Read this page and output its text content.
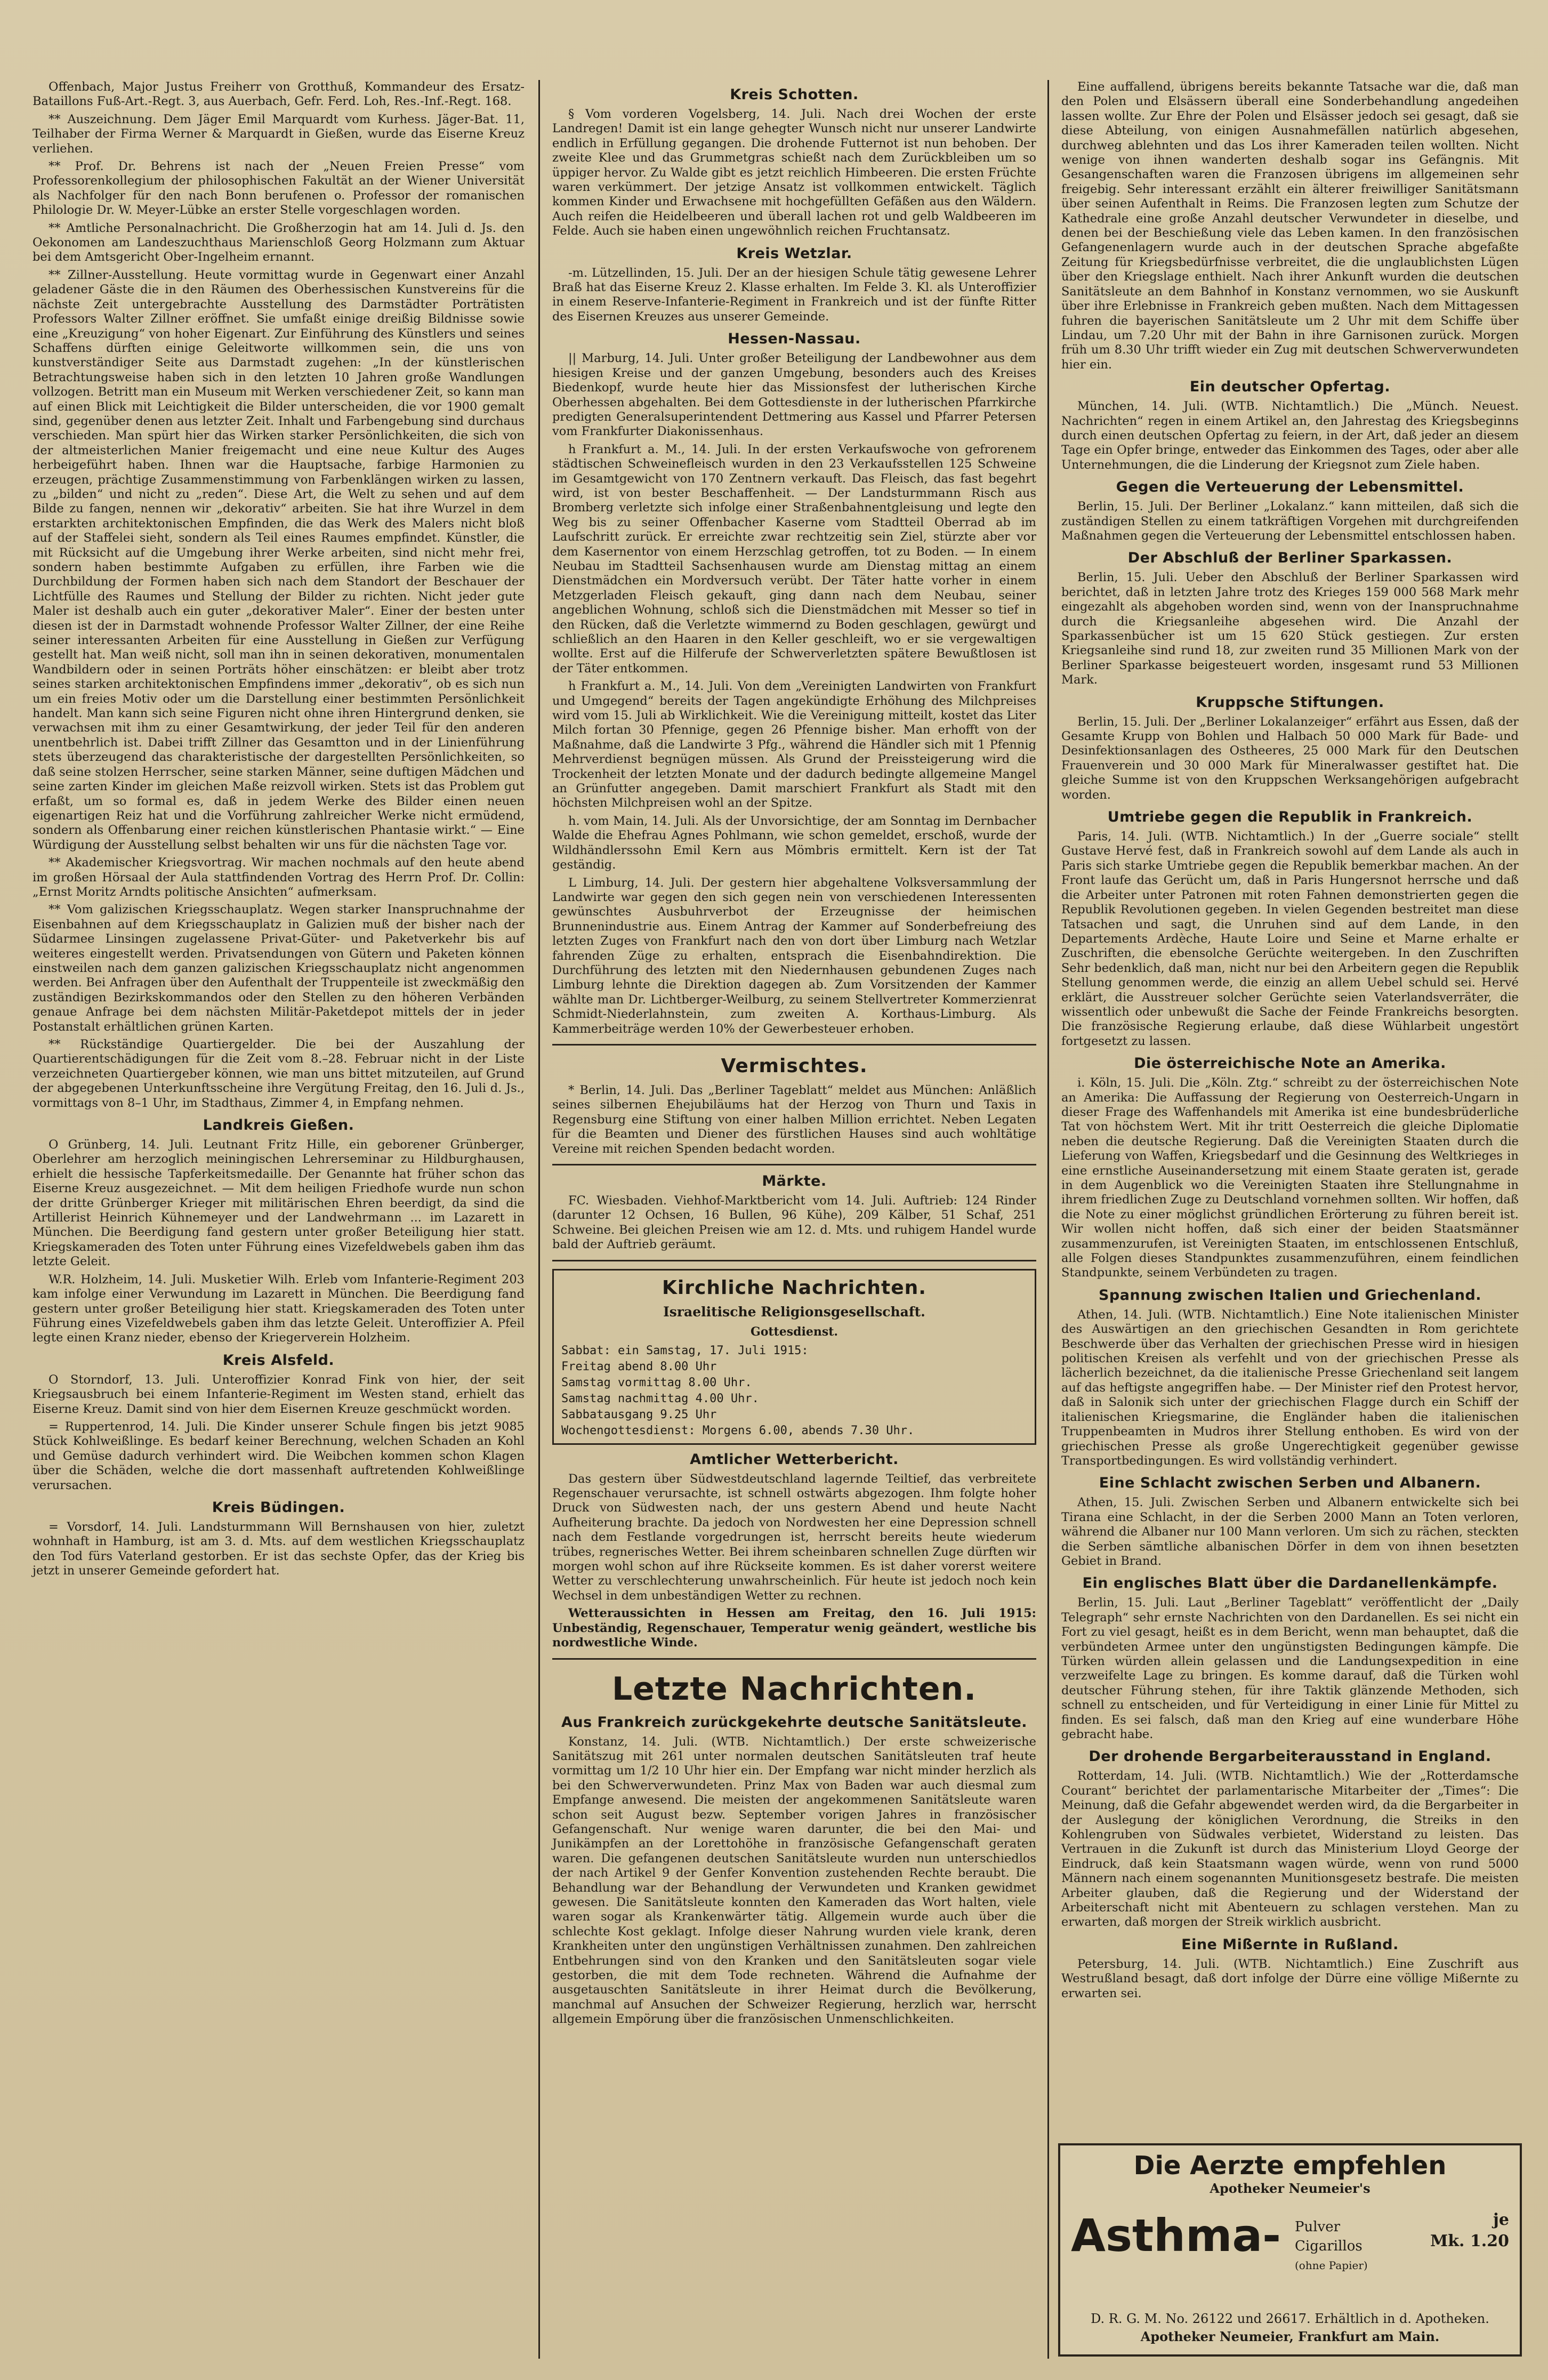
Offenbach, Major Justus Freiherr von Grotthuß, Kommandeur des Ersatz-Bataillons Fuß-Art.-Regt. 3, aus Auerbach, Gefr. Ferd. Loh, Res.-Inf.-Regt. 168.

** Auszeichnung. Dem Jäger Emil Marquardt vom Kurhess. Jäger-Bat. 11, Teilhaber der Firma Werner & Marquardt in Gießen, wurde das Eiserne Kreuz verliehen.

** Prof. Dr. Behrens ist nach der „Neuen Freien Presse“ vom Professorenkollegium der philosophischen Fakultät an der Wiener Universität als Nachfolger für den nach Bonn berufenen o. Professor der romanischen Philologie Dr. W. Meyer-Lübke an erster Stelle vorgeschlagen worden.

** Amtliche Personalnachricht. Die Großherzogin hat am 14. Juli d. Js. den Oekonomen am Landeszuchthaus Marienschloß Georg Holzmann zum Aktuar bei dem Amtsgericht Ober-Ingelheim ernannt.

** Zillner-Ausstellung. Heute vormittag wurde in Gegenwart einer Anzahl geladener Gäste die in den Räumen des Oberhessischen Kunstvereins für die nächste Zeit untergebrachte Ausstellung des Darmstädter Porträtisten Professors Walter Zillner eröffnet. Sie umfaßt einige dreißig Bildnisse sowie eine „Kreuzigung“ von hoher Eigenart. Zur Einführung des Künstlers und seines Schaffens dürften einige Geleitworte willkommen sein, die uns von kunstverständiger Seite aus Darmstadt zugehen: „In der künstlerischen Betrachtungsweise haben sich in den letzten 10 Jahren große Wandlungen vollzogen. Betritt man ein Museum mit Werken verschiedener Zeit, so kann man auf einen Blick mit Leichtigkeit die Bilder unterscheiden, die vor 1900 gemalt sind, gegenüber denen aus letzter Zeit. Inhalt und Farbengebung sind durchaus verschieden. Man spürt hier das Wirken starker Persönlichkeiten, die sich von der altmeisterlichen Manier freigemacht und eine neue Kultur des Auges herbeigeführt haben. Ihnen war die Hauptsache, farbige Harmonien zu erzeugen, prächtige Zusammenstimmung von Farbenklängen wirken zu lassen, zu „bilden“ und nicht zu „reden“. Diese Art, die Welt zu sehen und auf dem Bilde zu fangen, nennen wir „dekorativ“ arbeiten. Sie hat ihre Wurzel in dem erstarkten architektonischen Empfinden, die das Werk des Malers nicht bloß auf der Staffelei sieht, sondern als Teil eines Raumes empfindet. Künstler, die mit Rücksicht auf die Umgebung ihrer Werke arbeiten, sind nicht mehr frei, sondern haben bestimmte Aufgaben zu erfüllen, ihre Farben wie die Durchbildung der Formen haben sich nach dem Standort der Beschauer der Lichtfülle des Raumes und Stellung der Bilder zu richten. Nicht jeder gute Maler ist deshalb auch ein guter „dekorativer Maler“. Einer der besten unter diesen ist der in Darmstadt wohnende Professor Walter Zillner, der eine Reihe seiner interessanten Arbeiten für eine Ausstellung in Gießen zur Verfügung gestellt hat. Man weiß nicht, soll man ihn in seinen dekorativen, monumentalen Wandbildern oder in seinen Porträts höher einschätzen: er bleibt aber trotz seines starken architektonischen Empfindens immer „dekorativ“, ob es sich nun um ein freies Motiv oder um die Darstellung einer bestimmten Persönlichkeit handelt. Man kann sich seine Figuren nicht ohne ihren Hintergrund denken, sie verwachsen mit ihm zu einer Gesamtwirkung, der jeder Teil für den anderen unentbehrlich ist. Dabei trifft Zillner das Gesamtton und in der Linienführung stets überzeugend das charakteristische der dargestellten Persönlichkeiten, so daß seine stolzen Herrscher, seine starken Männer, seine duftigen Mädchen und seine zarten Kinder im gleichen Maße reizvoll wirken. Stets ist das Problem gut erfaßt, um so formal es, daß in jedem Werke des Bilder einen neuen eigenartigen Reiz hat und die Vorführung zahlreicher Werke nicht ermüdend, sondern als Offenbarung einer reichen künstlerischen Phantasie wirkt.“ — Eine Würdigung der Ausstellung selbst behalten wir uns für die nächsten Tage vor.

** Akademischer Kriegsvortrag. Wir machen nochmals auf den heute abend im großen Hörsaal der Aula stattfindenden Vortrag des Herrn Prof. Dr. Collin: „Ernst Moritz Arndts politische Ansichten“ aufmerksam.

** Vom galizischen Kriegsschauplatz. Wegen starker Inanspruchnahme der Eisenbahnen auf dem Kriegsschauplatz in Galizien muß der bisher nach der Südarmee Linsingen zugelassene Privat-Güter- und Paketverkehr bis auf weiteres eingestellt werden. Privatsendungen von Gütern und Paketen können einstweilen nach dem ganzen galizischen Kriegsschauplatz nicht angenommen werden. Bei Anfragen über den Aufenthalt der Truppenteile ist zweckmäßig den zuständigen Bezirkskommandos oder den Stellen zu den höheren Verbänden genaue Anfrage bei dem nächsten Militär-Paketdepot mittels der in jeder Postanstalt erhältlichen grünen Karten.

** Rückständige Quartiergelder. Die bei der Auszahlung der Quartierentschädigungen für die Zeit vom 8.–28. Februar nicht in der Liste verzeichneten Quartiergeber können, wie man uns bittet mitzuteilen, auf Grund der abgegebenen Unterkunftsscheine ihre Vergütung Freitag, den 16. Juli d. Js., vormittags von 8–1 Uhr, im Stadthaus, Zimmer 4, in Empfang nehmen.

Landkreis Gießen.

O Grünberg, 14. Juli. Leutnant Fritz Hille, ein geborener Grünberger, Oberlehrer am herzoglich meiningischen Lehrerseminar zu Hildburghausen, erhielt die hessische Tapferkeitsmedaille. Der Genannte hat früher schon das Eiserne Kreuz ausgezeichnet. — Mit dem heiligen Friedhofe wurde nun schon der dritte Grünberger Krieger mit militärischen Ehren beerdigt, da sind die Artillerist Heinrich Kühnemeyer und der Landwehrmann ... im Lazarett in München. Die Beerdigung fand gestern unter großer Beteiligung hier statt. Kriegskameraden des Toten unter Führung eines Vizefeldwebels gaben ihm das letzte Geleit.

W.R. Holzheim, 14. Juli. Musketier Wilh. Erleb vom Infanterie-Regiment 203 kam infolge einer Verwundung im Lazarett in München. Die Beerdigung fand gestern unter großer Beteiligung hier statt. Kriegskameraden des Toten unter Führung eines Vizefeldwebels gaben ihm das letzte Geleit. Unteroffizier A. Pfeil legte einen Kranz nieder, ebenso der Kriegerverein Holzheim.

Kreis Alsfeld.

O Storndorf, 13. Juli. Unteroffizier Konrad Fink von hier, der seit Kriegsausbruch bei einem Infanterie-Regiment im Westen stand, erhielt das Eiserne Kreuz. Damit sind von hier dem Eisernen Kreuze geschmückt worden.

= Ruppertenrod, 14. Juli. Die Kinder unserer Schule fingen bis jetzt 9085 Stück Kohlweißlinge. Es bedarf keiner Berechnung, welchen Schaden an Kohl und Gemüse dadurch verhindert wird. Die Weibchen kommen schon Klagen über die Schäden, welche die dort massenhaft auftretenden Kohlweißlinge verursachen.

Kreis Büdingen.

= Vorsdorf, 14. Juli. Landsturmmann Will Bernshausen von hier, zuletzt wohnhaft in Hamburg, ist am 3. d. Mts. auf dem westlichen Kriegsschauplatz den Tod fürs Vaterland gestorben. Er ist das sechste Opfer, das der Krieg bis jetzt in unserer Gemeinde gefordert hat.

Kreis Schotten.

§ Vom vorderen Vogelsberg, 14. Juli. Nach drei Wochen der erste Landregen! Damit ist ein lange gehegter Wunsch nicht nur unserer Landwirte endlich in Erfüllung gegangen. Die drohende Futternot ist nun behoben. Der zweite Klee und das Grummetgras schießt nach dem Zurückbleiben um so üppiger hervor. Zu Walde gibt es jetzt reichlich Himbeeren. Die ersten Früchte waren verkümmert. Der jetzige Ansatz ist vollkommen entwickelt. Täglich kommen Kinder und Erwachsene mit hochgefüllten Gefäßen aus den Wäldern. Auch reifen die Heidelbeeren und überall lachen rot und gelb Waldbeeren im Felde. Auch sie haben einen ungewöhnlich reichen Fruchtansatz.

Kreis Wetzlar.

-m. Lützellinden, 15. Juli. Der an der hiesigen Schule tätig gewesene Lehrer Braß hat das Eiserne Kreuz 2. Klasse erhalten. Im Felde 3. Kl. als Unteroffizier in einem Reserve-Infanterie-Regiment in Frankreich und ist der fünfte Ritter des Eisernen Kreuzes aus unserer Gemeinde.

Hessen-Nassau.

|| Marburg, 14. Juli. Unter großer Beteiligung der Landbewohner aus dem hiesigen Kreise und der ganzen Umgebung, besonders auch des Kreises Biedenkopf, wurde heute hier das Missionsfest der lutherischen Kirche Oberhessen abgehalten. Bei dem Gottesdienste in der lutherischen Pfarrkirche predigten Generalsuperintendent Dettmering aus Kassel und Pfarrer Petersen vom Frankfurter Diakonissenhaus.

h Frankfurt a. M., 14. Juli. In der ersten Verkaufswoche von gefrorenem städtischen Schweinefleisch wurden in den 23 Verkaufsstellen 125 Schweine im Gesamtgewicht von 170 Zentnern verkauft. Das Fleisch, das fast begehrt wird, ist von bester Beschaffenheit. — Der Landsturmmann Risch aus Bromberg verletzte sich infolge einer Straßenbahnentgleisung und legte den Weg bis zu seiner Offenbacher Kaserne vom Stadtteil Oberrad ab im Laufschritt zurück. Er erreichte zwar rechtzeitig sein Ziel, stürzte aber vor dem Kasernentor von einem Herzschlag getroffen, tot zu Boden. — In einem Neubau im Stadtteil Sachsenhausen wurde am Dienstag mittag an einem Dienstmädchen ein Mordversuch verübt. Der Täter hatte vorher in einem Metzgerladen Fleisch gekauft, ging dann nach dem Neubau, seiner angeblichen Wohnung, schloß sich die Dienstmädchen mit Messer so tief in den Rücken, daß die Verletzte wimmernd zu Boden geschlagen, gewürgt und schließlich an den Haaren in den Keller geschleift, wo er sie vergewaltigen wollte. Erst auf die Hilferufe der Schwerverletzten spätere Bewußtlosen ist der Täter entkommen.

h Frankfurt a. M., 14. Juli. Von dem „Vereinigten Landwirten von Frankfurt und Umgegend“ bereits der Tagen angekündigte Erhöhung des Milchpreises wird vom 15. Juli ab Wirklichkeit. Wie die Vereinigung mitteilt, kostet das Liter Milch fortan 30 Pfennige, gegen 26 Pfennige bisher. Man erhofft von der Maßnahme, daß die Landwirte 3 Pfg., während die Händler sich mit 1 Pfennig Mehrverdienst begnügen müssen. Als Grund der Preissteigerung wird die Trockenheit der letzten Monate und der dadurch bedingte allgemeine Mangel an Grünfutter angegeben. Damit marschiert Frankfurt als Stadt mit den höchsten Milchpreisen wohl an der Spitze.

h. vom Main, 14. Juli. Als der Unvorsichtige, der am Sonntag im Dernbacher Walde die Ehefrau Agnes Pohlmann, wie schon gemeldet, erschoß, wurde der Wildhändlerssohn Emil Kern aus Mömbris ermittelt. Kern ist der Tat geständig.

L Limburg, 14. Juli. Der gestern hier abgehaltene Volksversammlung der Landwirte war gegen den sich gegen nein von verschiedenen Interessenten gewünschtes Ausbuhrverbot der Erzeugnisse der heimischen Brunnenindustrie aus. Einem Antrag der Kammer auf Sonderbefreiung des letzten Zuges von Frankfurt nach den von dort über Limburg nach Wetzlar fahrenden Züge zu erhalten, entsprach die Eisenbahndirektion. Die Durchführung des letzten mit den Niedernhausen gebundenen Zuges nach Limburg lehnte die Direktion dagegen ab. Zum Vorsitzenden der Kammer wählte man Dr. Lichtberger-Weilburg, zu seinem Stellvertreter Kommerzienrat Schmidt-Niederlahnstein, zum zweiten A. Korthaus-Limburg. Als Kammerbeiträge werden 10% der Gewerbesteuer erhoben.

Vermischtes.

* Berlin, 14. Juli. Das „Berliner Tageblatt“ meldet aus München: Anläßlich seines silbernen Ehejubiläums hat der Herzog von Thurn und Taxis in Regensburg eine Stiftung von einer halben Million errichtet. Neben Legaten für die Beamten und Diener des fürstlichen Hauses sind auch wohltätige Vereine mit reichen Spenden bedacht worden.

Märkte.

FC. Wiesbaden. Viehhof-Marktbericht vom 14. Juli. Auftrieb: 124 Rinder (darunter 12 Ochsen, 16 Bullen, 96 Kühe), 209 Kälber, 51 Schaf, 251 Schweine. Bei gleichen Preisen wie am 12. d. Mts. und ruhigem Handel wurde bald der Auftrieb geräumt.

Kirchliche Nachrichten.
Israelitische Religionsgesellschaft.
Gottesdienst.
Sabbat: ein Samstag, 17. Juli 1915:
Freitag abend 8.00 Uhr
Samstag vormittag 8.00 Uhr.
Samstag nachmittag 4.00 Uhr.
Sabbatausgang 9.25 Uhr
Wochengottesdienst: Morgens 6.00, abends 7.30 Uhr.
Amtlicher Wetterbericht.

Das gestern über Südwestdeutschland lagernde Teiltief, das verbreitete Regenschauer verursachte, ist schnell ostwärts abgezogen. Ihm folgte hoher Druck von Südwesten nach, der uns gestern Abend und heute Nacht Aufheiterung brachte. Da jedoch von Nordwesten her eine Depression schnell nach dem Festlande vorgedrungen ist, herrscht bereits heute wiederum trübes, regnerisches Wetter. Bei ihrem scheinbaren schnellen Zuge dürften wir morgen wohl schon auf ihre Rückseite kommen. Es ist daher vorerst weitere Wetter zu verschlechterung unwahrscheinlich. Für heute ist jedoch noch kein Wechsel in dem unbeständigen Wetter zu rechnen.

Wetteraussichten in Hessen am Freitag, den 16. Juli 1915: Unbeständig, Regenschauer, Temperatur wenig geändert, westliche bis nordwestliche Winde.

Letzte Nachrichten.
Aus Frankreich zurückgekehrte deutsche Sanitätsleute.

Konstanz, 14. Juli. (WTB. Nichtamtlich.) Der erste schweizerische Sanitätszug mit 261 unter normalen deutschen Sanitätsleuten traf heute vormittag um 1/2 10 Uhr hier ein. Der Empfang war nicht minder herzlich als bei den Schwerverwundeten. Prinz Max von Baden war auch diesmal zum Empfange anwesend. Die meisten der angekommenen Sanitätsleute waren schon seit August bezw. September vorigen Jahres in französischer Gefangenschaft. Nur wenige waren darunter, die bei den Mai- und Junikämpfen an der Lorettohöhe in französische Gefangenschaft geraten waren. Die gefangenen deutschen Sanitätsleute wurden nun unterschiedlos der nach Artikel 9 der Genfer Konvention zustehenden Rechte beraubt. Die Behandlung war der Behandlung der Verwundeten und Kranken gewidmet gewesen. Die Sanitätsleute konnten den Kameraden das Wort halten, viele waren sogar als Krankenwärter tätig. Allgemein wurde auch über die schlechte Kost geklagt. Infolge dieser Nahrung wurden viele krank, deren Krankheiten unter den ungünstigen Verhältnissen zunahmen. Den zahlreichen Entbehrungen sind von den Kranken und den Sanitätsleuten sogar viele gestorben, die mit dem Tode rechneten. Während die Aufnahme der ausgetauschten Sanitätsleute in ihrer Heimat durch die Bevölkerung, manchmal auf Ansuchen der Schweizer Regierung, herzlich war, herrscht allgemein Empörung über die französischen Unmenschlichkeiten.

Eine auffallend, übrigens bereits bekannte Tatsache war die, daß man den Polen und Elsässern überall eine Sonderbehandlung angedeihen lassen wollte. Zur Ehre der Polen und Elsässer jedoch sei gesagt, daß sie diese Abteilung, von einigen Ausnahmefällen natürlich abgesehen, durchweg ablehnten und das Los ihrer Kameraden teilen wollten. Nicht wenige von ihnen wanderten deshalb sogar ins Gefängnis. Mit Gesangenschaften waren die Franzosen übrigens im allgemeinen sehr freigebig. Sehr interessant erzählt ein älterer freiwilliger Sanitätsmann über seinen Aufenthalt in Reims. Die Franzosen legten zum Schutze der Kathedrale eine große Anzahl deutscher Verwundeter in dieselbe, und denen bei der Beschießung viele das Leben kamen. In den französischen Gefangenenlagern wurde auch in der deutschen Sprache abgefaßte Zeitung für Kriegsbedürfnisse verbreitet, die die unglaublichsten Lügen über den Kriegslage enthielt. Nach ihrer Ankunft wurden die deutschen Sanitätsleute an dem Bahnhof in Konstanz vernommen, wo sie Auskunft über ihre Erlebnisse in Frankreich geben mußten. Nach dem Mittagessen fuhren die bayerischen Sanitätsleute um 2 Uhr mit dem Schiffe über Lindau, um 7.20 Uhr mit der Bahn in ihre Garnisonen zurück. Morgen früh um 8.30 Uhr trifft wieder ein Zug mit deutschen Schwerverwundeten hier ein.

Ein deutscher Opfertag.

München, 14. Juli. (WTB. Nichtamtlich.) Die „Münch. Neuest. Nachrichten“ regen in einem Artikel an, den Jahrestag des Kriegsbeginns durch einen deutschen Opfertag zu feiern, in der Art, daß jeder an diesem Tage ein Opfer bringe, entweder das Einkommen des Tages, oder aber alle Unternehmungen, die die Linderung der Kriegsnot zum Ziele haben.

Gegen die Verteuerung der Lebensmittel.

Berlin, 15. Juli. Der Berliner „Lokalanz.“ kann mitteilen, daß sich die zuständigen Stellen zu einem tatkräftigen Vorgehen mit durchgreifenden Maßnahmen gegen die Verteuerung der Lebensmittel entschlossen haben.

Der Abschluß der Berliner Sparkassen.

Berlin, 15. Juli. Ueber den Abschluß der Berliner Sparkassen wird berichtet, daß in letzten Jahre trotz des Krieges 159 000 568 Mark mehr eingezahlt als abgehoben worden sind, wenn von der Inanspruchnahme durch die Kriegsanleihe abgesehen wird. Die Anzahl der Sparkassenbücher ist um 15 620 Stück gestiegen. Zur ersten Kriegsanleihe sind rund 18, zur zweiten rund 35 Millionen Mark von der Berliner Sparkasse beigesteuert worden, insgesamt rund 53 Millionen Mark.

Kruppsche Stiftungen.

Berlin, 15. Juli. Der „Berliner Lokalanzeiger“ erfährt aus Essen, daß der Gesamte Krupp von Bohlen und Halbach 50 000 Mark für Bade- und Desinfektionsanlagen des Ostheeres, 25 000 Mark für den Deutschen Frauenverein und 30 000 Mark für Mineralwasser gestiftet hat. Die gleiche Summe ist von den Kruppschen Werksangehörigen aufgebracht worden.

Umtriebe gegen die Republik in Frankreich.

Paris, 14. Juli. (WTB. Nichtamtlich.) In der „Guerre sociale“ stellt Gustave Hervé fest, daß in Frankreich sowohl auf dem Lande als auch in Paris sich starke Umtriebe gegen die Republik bemerkbar machen. An der Front laufe das Gerücht um, daß in Paris Hungersnot herrsche und daß die Arbeiter unter Patronen mit roten Fahnen demonstrierten gegen die Republik Revolutionen gegeben. In vielen Gegenden bestreitet man diese Tatsachen und sagt, die Unruhen sind auf dem Lande, in den Departements Ardèche, Haute Loire und Seine et Marne erhalte er Zuschriften, die ebensolche Gerüchte weitergeben. In den Zuschriften Sehr bedenklich, daß man, nicht nur bei den Arbeitern gegen die Republik Stellung genommen werde, die einzig an allem Uebel schuld sei. Hervé erklärt, die Ausstreuer solcher Gerüchte seien Vaterlandsverräter, die wissentlich oder unbewußt die Sache der Feinde Frankreichs besorgten. Die französische Regierung erlaube, daß diese Wühlarbeit ungestört fortgesetzt zu lassen.

Die österreichische Note an Amerika.

i. Köln, 15. Juli. Die „Köln. Ztg.“ schreibt zu der österreichischen Note an Amerika: Die Auffassung der Regierung von Oesterreich-Ungarn in dieser Frage des Waffenhandels mit Amerika ist eine bundesbrüderliche Tat von höchstem Wert. Mit ihr tritt Oesterreich die gleiche Diplomatie neben die deutsche Regierung. Daß die Vereinigten Staaten durch die Lieferung von Waffen, Kriegsbedarf und die Gesinnung des Weltkrieges in eine ernstliche Auseinandersetzung mit einem Staate geraten ist, gerade in dem Augenblick wo die Vereinigten Staaten ihre Stellungnahme in ihrem friedlichen Zuge zu Deutschland vornehmen sollten. Wir hoffen, daß die Note zu einer möglichst gründlichen Erörterung zu führen bereit ist. Wir wollen nicht hoffen, daß sich einer der beiden Staatsmänner zusammenzurufen, ist Vereinigten Staaten, im entschlossenen Entschluß, alle Folgen dieses Standpunktes zusammenzuführen, einem feindlichen Standpunkte, seinem Verbündeten zu tragen.

Spannung zwischen Italien und Griechenland.

Athen, 14. Juli. (WTB. Nichtamtlich.) Eine Note italienischen Minister des Auswärtigen an den griechischen Gesandten in Rom gerichtete Beschwerde über das Verhalten der griechischen Presse wird in hiesigen politischen Kreisen als verfehlt und von der griechischen Presse als lächerlich bezeichnet, da die italienische Presse Griechenland seit langem auf das heftigste angegriffen habe. — Der Minister rief den Protest hervor, daß in Salonik sich unter der griechischen Flagge durch ein Schiff der italienischen Kriegsmarine, die Engländer haben die italienischen Truppenbeamten in Mudros ihrer Stellung enthoben. Es wird von der griechischen Presse als große Ungerechtigkeit gegenüber gewisse Transportbedingungen. Es wird vollständig verhindert.

Eine Schlacht zwischen Serben und Albanern.

Athen, 15. Juli. Zwischen Serben und Albanern entwickelte sich bei Tirana eine Schlacht, in der die Serben 2000 Mann an Toten verloren, während die Albaner nur 100 Mann verloren. Um sich zu rächen, steckten die Serben sämtliche albanischen Dörfer in dem von ihnen besetzten Gebiet in Brand.

Ein englisches Blatt über die Dardanellenkämpfe.

Berlin, 15. Juli. Laut „Berliner Tageblatt“ veröffentlicht der „Daily Telegraph“ sehr ernste Nachrichten von den Dardanellen. Es sei nicht ein Fort zu viel gesagt, heißt es in dem Bericht, wenn man behauptet, daß die verbündeten Armee unter den ungünstigsten Bedingungen kämpfe. Die Türken würden allein gelassen und die Landungsexpedition in eine verzweifelte Lage zu bringen. Es komme darauf, daß die Türken wohl deutscher Führung stehen, für ihre Taktik glänzende Methoden, sich schnell zu entscheiden, und für Verteidigung in einer Linie für Mittel zu finden. Es sei falsch, daß man den Krieg auf eine wunderbare Höhe gebracht habe.

Der drohende Bergarbeiterausstand in England.

Rotterdam, 14. Juli. (WTB. Nichtamtlich.) Wie der „Rotterdamsche Courant“ berichtet der parlamentarische Mitarbeiter der „Times“: Die Meinung, daß die Gefahr abgewendet werden wird, da die Bergarbeiter in der Auslegung der königlichen Verordnung, die Streiks in den Kohlengruben von Südwales verbietet, Widerstand zu leisten. Das Vertrauen in die Zukunft ist durch das Ministerium Lloyd George der Eindruck, daß kein Staatsmann wagen würde, wenn von rund 5000 Männern nach einem sogenannten Munitionsgesetz bestrafe. Die meisten Arbeiter glauben, daß die Regierung und der Widerstand der Arbeiterschaft nicht mit Abenteuern zu schlagen verstehen. Man zu erwarten, daß morgen der Streik wirklich ausbricht.

Eine Mißernte in Rußland.

Petersburg, 14. Juli. (WTB. Nichtamtlich.) Eine Zuschrift aus Westrußland besagt, daß dort infolge der Dürre eine völlige Mißernte zu erwarten sei.

Die Aerzte empfehlen
Apotheker Neumeier's
Asthma- Pulver
Cigarillos
(ohne Papier)
je
Mk. 1.20
D. R. G. M. No. 26122 und 26617. Erhältlich in d. Apotheken.
Apotheker Neumeier, Frankfurt am Main.
